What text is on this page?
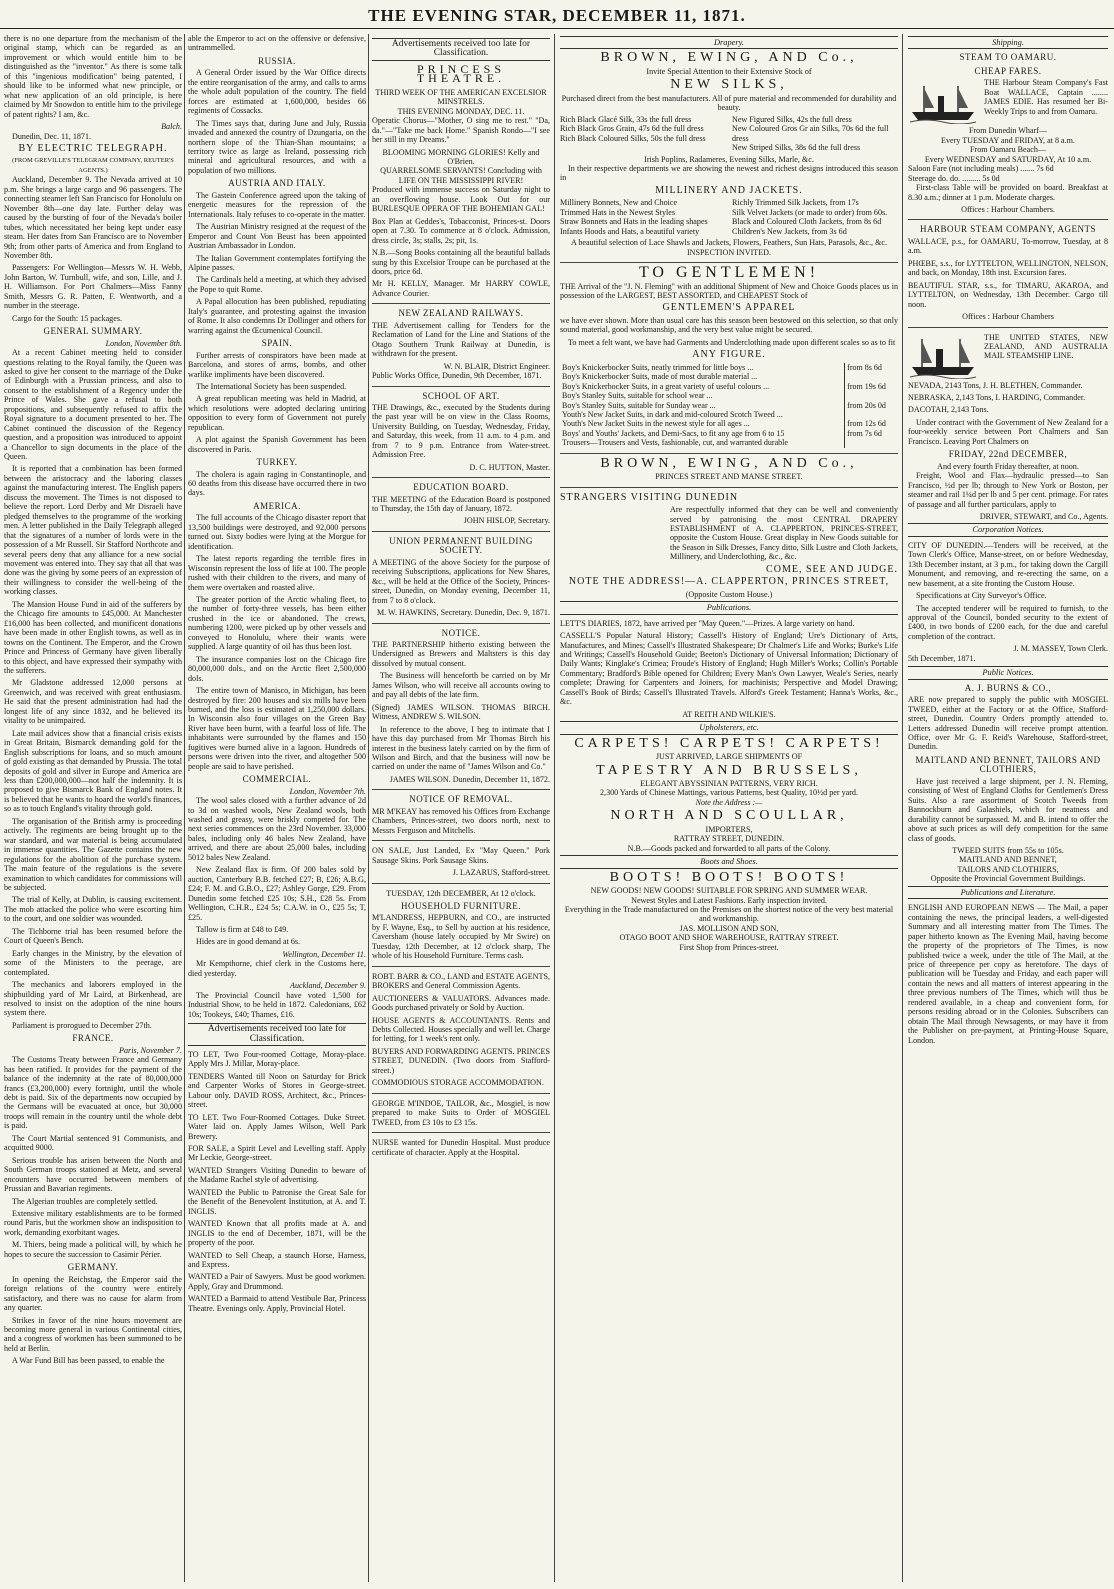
THE EVENING STAR, DECEMBER 11, 1871.

there is no one departure from the mechanism of the original stamp, which can be regarded as an improvement or which would entitle him to be distinguished as the "inventor." As there is some talk of this "ingenious modification" being patented, I should like to be informed what new principle, or what new application of an old principle, is here claimed by Mr Snowdon to entitle him to the privilege of patent rights? I am, &c.

Balch.

Dunedin, Dec. 11, 1871.

BY ELECTRIC TELEGRAPH.
(FROM GREVILLE'S TELEGRAM COMPANY, REUTER'S AGENTS.)

Auckland, December 9. The Nevada arrived at 10 p.m. She brings a large cargo and 96 passengers. The connecting steamer left San Francisco for Honolulu on November 8th—one day late. Further delay was caused by the bursting of four of the Nevada's boiler tubes, which necessitated her being kept under easy steam. Her dates from San Francisco are to November 9th; from other parts of America and from England to November 8th.

Passengers: For Wellington—Messrs W. H. Webb, John Barton, W. Turnbull, wife, and son, Lille, and J. H. Williamson. For Port Chalmers—Miss Fanny Smith, Messrs G. R. Patten, F. Wentworth, and a number in the steerage.

Cargo for the South: 15 packages.

GENERAL SUMMARY.
London, November 8th.

At a recent Cabinet meeting held to consider questions relating to the Royal family, the Queen was asked to give her consent to the marriage of the Duke of Edinburgh with a Prussian princess, and also to consent to the establishment of a Regency under the Prince of Wales. She gave a refusal to both propositions, and subsequently refused to affix the Royal signature to a document presented to her. The Cabinet continued the discussion of the Regency question, and a proposition was introduced to appoint a Chancellor to sign documents in the place of the Queen.

It is reported that a combination has been formed between the aristocracy and the laboring classes against the manufacturing interest. The English papers discuss the movement. The Times is not disposed to believe the report. Lord Derby and Mr Disraeli have pledged themselves to the programme of the working men. A letter published in the Daily Telegraph alleged that the signatures of a number of lords were in the possession of a Mr Russell. Sir Stafford Northcote and several peers deny that any alliance for a new social movement was entered into. They say that all that was done was the giving by some peers of an expression of their willingness to consider the well-being of the working classes.

The Mansion House Fund in aid of the sufferers by the Chicago fire amounts to £45,000. At Manchester £16,000 has been collected, and munificent donations have been made in other English towns, as well as in towns on the Continent. The Emperor, and the Crown Prince and Princess of Germany have given liberally to this object, and have expressed their sympathy with the sufferers.

Mr Gladstone addressed 12,000 persons at Greenwich, and was received with great enthusiasm. He said that the present administration had had the longest life of any since 1832, and he believed its vitality to be unimpaired.

Late mail advices show that a financial crisis exists in Great Britain, Bismarck demanding gold for the English subscriptions for loans, and so much amount of gold existing as that demanded by Prussia. The total deposits of gold and silver in Europe and America are less than £200,000,000—not half the indemnity. It is proposed to give Bismarck Bank of England notes. It is believed that he wants to hoard the world's finances, so as to touch England's vitality through gold.

The organisation of the British army is proceeding actively. The regiments are being brought up to the war standard, and war material is being accumulated in immense quantities. The Gazette contains the new regulations for the abolition of the purchase system. The main feature of the regulations is the severe examination to which candidates for commissions will be subjected.

The trial of Kelly, at Dublin, is causing excitement. The mob attacked the police who were escorting him to the court, and one soldier was wounded.

The Tichborne trial has been resumed before the Court of Queen's Bench.

Early changes in the Ministry, by the elevation of some of the Ministers to the peerage, are contemplated.

The mechanics and laborers employed in the shipbuilding yard of Mr Laird, at Birkenhead, are resolved to insist on the adoption of the nine hours system there.

Parliament is prorogued to December 27th.

FRANCE.
Paris, November 7.

The Customs Treaty between France and Germany has been ratified. It provides for the payment of the balance of the indemnity at the rate of 80,000,000 francs (£3,200,000) every fortnight, until the whole debt is paid. Six of the departments now occupied by the Germans will be evacuated at once, but 30,000 troops will remain in the country until the whole debt is paid.

The Court Martial sentenced 91 Communists, and acquitted 9000.

Serious trouble has arisen between the North and South German troops stationed at Metz, and several encounters have occurred between members of Prussian and Bavarian regiments.

The Algerian troubles are completely settled.

Extensive military establishments are to be formed round Paris, but the workmen show an indisposition to work, demanding exorbitant wages.

M. Thiers, being made a political will, by which he hopes to secure the succession to Casimir Périer.

GERMANY.

In opening the Reichstag, the Emperor said the foreign relations of the country were entirely satisfactory, and there was no cause for alarm from any quarter.

Strikes in favor of the nine hours movement are becoming more general in various Continental cities, and a congress of workmen has been summoned to be held at Berlin.

A War Fund Bill has been passed, to enable the

able the Emperor to act on the offensive or defensive, untrammelled.

RUSSIA.

A General Order issued by the War Office directs the entire reorganisation of the army, and calls to arms the whole adult population of the country. The field forces are estimated at 1,600,000, besides 66 regiments of Cossacks.

The Times says that, during June and July, Russia invaded and annexed the country of Dzungaria, on the northern slope of the Thian-Shan mountains; a territory twice as large as Ireland, possessing rich mineral and agricultural resources, and with a population of two millions.

AUSTRIA AND ITALY.

The Gastein Conference agreed upon the taking of energetic measures for the repression of the Internationals. Italy refuses to co-operate in the matter.

The Austrian Ministry resigned at the request of the Emperor and Count Von Beust has been appointed Austrian Ambassador in London.

The Italian Government contemplates fortifying the Alpine passes.

The Cardinals held a meeting, at which they advised the Pope to quit Rome.

A Papal allocution has been published, repudiating Italy's guarantee, and protesting against the invasion of Rome. It also condemns Dr Dollinger and others for warring against the Œcumenical Council.

SPAIN.

Further arrests of conspirators have been made at Barcelona, and stores of arms, bombs, and other warlike impliments have been discovered.

The International Society has been suspended.

A great republican meeting was held in Madrid, at which resolutions were adopted declaring untiring opposition to every form of Government not purely republican.

A plot against the Spanish Government has been discovered in Paris.

TURKEY.

The cholera is again raging in Constantinople, and 60 deaths from this disease have occurred there in two days.

AMERICA.

The full accounts of the Chicago disaster report that 13,500 buildings were destroyed, and 92,000 persons turned out. Sixty bodies were lying at the Morgue for identification.

The latest reports regarding the terrible fires in Wisconsin represent the loss of life at 100. The people rushed with their children to the rivers, and many of them were overtaken and roasted alive.

The greater portion of the Arctic whaling fleet, to the number of forty-three vessels, has been either crushed in the ice or abandoned. The crews, numbering 1200, were picked up by other vessels and conveyed to Honolulu, where their wants were supplied. A large quantity of oil has thus been lost.

The insurance companies lost on the Chicago fire 80,000,000 dols., and on the Arctic fleet 2,500,000 dols.

The entire town of Manisco, in Michigan, has been destroyed by fire: 200 houses and six mills have been burned, and the loss is estimated at 1,250,000 dollars. In Wisconsin also four villages on the Green Bay River have been burnt, with a fearful loss of life. The inhabitants were surrounded by the flames and 150 fugitives were burned alive in a lagoon. Hundreds of persons were driven into the river, and altogether 500 people are said to have perished.

COMMERCIAL.
London, November 7th.

The wool sales closed with a further advance of 2d to 3d on washed wools, New Zealand wools, both washed and greasy, were briskly competed for. The next series commences on the 23rd November. 33,000 bales, including only 46 bales New Zealand, have arrived, and there are about 25,000 bales, including 5012 bales New Zealand.

New Zealand flax is firm. Of 200 bales sold by auction, Canterbury B.B. fetched £27; B, £26; A.B.G, £24; F. M. and G.B.O., £27; Ashley Gorge, £29. From Dunedin some fetched £25 10s; S.H., £28 5s. From Wellington, C.H.R., £24 5s; C.A.W. in O., £25 5s; T, £25.

Tallow is firm at £48 to £49.

Hides are in good demand at 6s.

Wellington, December 11.

Mr Kempthorne, chief clerk in the Customs here, died yesterday.

Auckland, December 9.

The Provincial Council have voted 1,500 for Industrial Show, to be held in 1872. Caledonians, £62 10s; Tookeys, £40; Thames, £16.

Advertisements received too late for Classification.

TO LET, Two Four-roomed Cottage, Moray-place. Apply Mrs J. Millar, Moray-place.

TENDERS Wanted till Noon on Saturday for Brick and Carpenter Works of Stores in George-street. Labour only. DAVID ROSS, Architect, &c., Princes-street.

TO LET. Two Four-Roomed Cottages. Duke Street. Water laid on. Apply James Wilson, Well Park Brewery.

FOR SALE, a Spirit Level and Levelling staff. Apply Mr Leckie, George-street.

WANTED Strangers Visiting Dunedin to beware of the Madame Rachel style of advertising.

WANTED the Public to Patronise the Great Sale for the Benefit of the Benevolent Institution, at A. and T. INGLIS.

WANTED Known that all profits made at A. and INGLIS to the end of December, 1871, will be the property of the poor.

WANTED to Sell Cheap, a staunch Horse, Harness, and Express.

WANTED a Pair of Sawyers. Must be good workmen. Apply, Gray and Drummond.

WANTED a Barmaid to attend Vestibule Bar, Princess Theatre. Evenings only. Apply, Provincial Hotel.

Advertisements received too late for Classification.
PRINCESS THEATRE.
THIRD WEEK OF THE AMERICAN EXCELSIOR MINSTRELS.
THIS EVENING MONDAY, DEC. 11.

Operatic Chorus—"Mother, O sing me to rest." "Da, da."—"Take me back Home." Spanish Rondo—"I see her still in my Dreams."

BLOOMING MORNING GLORIES! Kelly and O'Brien.
QUARRELSOME SERVANTS! Concluding with LIFE ON THE MISSISSIPPI RIVER!

Produced with immense success on Saturday night to an overflowing house. Look Out for our BURLESQUE OPERA OF THE BOHEMIAN GAL!

Box Plan at Geddes's, Tobacconist, Princes-st. Doors open at 7.30. To commence at 8 o'clock. Admission, dress circle, 3s; stalls, 2s; pit, 1s.

N.B.—Song Books containing all the beautiful ballads sung by this Excelsior Troupe can be purchased at the doors, price 6d.

Mr H. KELLY, Manager. Mr HARRY COWLE, Advance Courier.

NEW ZEALAND RAILWAYS.

THE Advertisement calling for Tenders for the Reclamation of Land for the Line and Stations of the Otago Southern Trunk Railway at Dunedin, is withdrawn for the present.

W. N. BLAIR, District Engineer.

Public Works Office, Dunedin, 9th December, 1871.

SCHOOL OF ART.

THE Drawings, &c., executed by the Students during the past year will be on view in the Class Rooms, University Building, on Tuesday, Wednesday, Friday, and Saturday, this week, from 11 a.m. to 4 p.m. and from 7 to 9 p.m. Entrance from Water-street. Admission Free.

D. C. HUTTON, Master.
EDUCATION BOARD.

THE MEETING of the Education Board is postponed to Thursday, the 15th day of January, 1872.

JOHN HISLOP, Secretary.
UNION PERMANENT BUILDING SOCIETY.

A MEETING of the above Society for the purpose of receiving Subscriptions, applications for New Shares, &c., will be held at the Office of the Society, Princes-street, Dunedin, on Monday evening, December 11, from 7 to 8 o'clock.

M. W. HAWKINS, Secretary. Dunedin, Dec. 9, 1871.
NOTICE.

THE PARTNERSHIP hitherto existing between the Undersigned as Brewers and Maltsters is this day dissolved by mutual consent.

The Business will henceforth be carried on by Mr James Wilson, who will receive all accounts owing to and pay all debts of the late firm.

(Signed) JAMES WILSON. THOMAS BIRCH. Witness, ANDREW S. WILSON.

In reference to the above, I beg to intimate that I have this day purchased from Mr Thomas Birch his interest in the business lately carried on by the firm of Wilson and Birch, and that the business will now be carried on under the name of "James Wilson and Co."

JAMES WILSON. Dunedin, December 11, 1872.
NOTICE OF REMOVAL.

MR M'KEAY has removed his Offices from Exchange Chambers, Princes-street, two doors north, next to Messrs Ferguson and Mitchells.

ON SALE, Just Landed, Ex "May Queen." Pork Sausage Skins. Pork Sausage Skins.

J. LAZARUS, Stafford-street.
TUESDAY, 12th DECEMBER, At 12 o'clock.
HOUSEHOLD FURNITURE.

M'LANDRESS, HEPBURN, and CO., are instructed by F. Wayne, Esq., to Sell by auction at his residence, Caversham (house lately occupied by Mr Swire) on Tuesday, 12th December, at 12 o'clock sharp, The whole of his Household Furniture. Terms cash.

ROBT. BARR & CO., LAND and ESTATE AGENTS, BROKERS and General Commission Agents.

AUCTIONEERS & VALUATORS. Advances made. Goods purchased privately or Sold by Auction.

HOUSE AGENTS & ACCOUNTANTS. Rents and Debts Collected. Houses specially and well let. Charge for letting, for 1 week's rent only.

BUYERS AND FORWARDING AGENTS. PRINCES STREET, DUNEDIN. (Two doors from Stafford-street.)

COMMODIOUS STORAGE ACCOMMODATION.

GEORGE M'INDOE, TAILOR, &c., Mosgiel, is now prepared to make Suits to Order of MOSGIEL TWEED, from £3 10s to £3 15s.

NURSE wanted for Dunedin Hospital. Must produce certificate of character. Apply at the Hospital.

Drapery.
BROWN, EWING, AND Co.,
Invite Special Attention to their Extensive Stock of
NEW SILKS,
Purchased direct from the best manufacturers. All of pure material and recommended for durability and beauty.
Rich Black Glacé Silk, 33s the full dress
Rich Black Gros Grain, 47s 6d the full dress
Rich Black Coloured Silks, 50s the full dress
New Figured Silks, 42s the full dress
New Coloured Gros Gr ain Silks, 70s 6d the full dress
New Striped Silks, 38s 6d the full dress
Irish Poplins, Radameres, Evening Silks, Marle, &c.

In their respective departments we are showing the newest and richest designs introduced this season in

MILLINERY AND JACKETS.
Millinery Bonnets, New and Choice
Trimmed Hats in the Newest Styles
Straw Bonnets and Hats in the leading shapes
Infants Hoods and Hats, a beautiful variety
Richly Trimmed Silk Jackets, from 17s
Silk Velvet Jackets (or made to order) from 60s.
Black and Coloured Cloth Jackets, from 8s 6d
Children's New Jackets, from 3s 6d
A beautiful selection of Lace Shawls and Jackets, Flowers, Feathers, Sun Hats, Parasols, &c., &c.
INSPECTION INVITED.
TO GENTLEMEN!

THE Arrival of the "J. N. Fleming" with an additional Shipment of New and Choice Goods places us in possession of the LARGEST, BEST ASSORTED, and CHEAPEST Stock of

GENTLEMEN'S APPAREL

we have ever shown. More than usual care has this season been bestowed on this selection, so that only sound material, good workmanship, and the very best value might be secured.

To meet a felt want, we have had Garments and Underclothing made upon different scales so as to fit

ANY FIGURE.
Boy's Knickerbocker Suits, neatly trimmed for little boys ...	from 8s 6d
Boy's Knickerbocker Suits, made of most durable material ...	
Boy's Knickerbocker Suits, in a great variety of useful colours ...	from 19s 6d
Boy's Stanley Suits, suitable for school wear ...	
Boy's Stanley Suits, suitable for Sunday wear ...	from 20s 0d
Youth's New Jacket Suits, in dark and mid-coloured Scotch Tweed ...	
Youth's New Jacket Suits in the newest style for all ages ...	from 12s 6d
Boys' and Youths' Jackets, and Demi-Sacs, to fit any age from 6 to 15	from 7s 6d
Trousers—Trousers and Vests, fashionable, cut, and warranted durable	
BROWN, EWING, AND Co.,
PRINCES STREET AND MANSE STREET.
STRANGERS VISITING DUNEDIN

Are respectfully informed that they can be well and conveniently served by patronising the most CENTRAL DRAPERY ESTABLISHMENT of A. CLAPPERTON, PRINCES-STREET, opposite the Custom House. Great display in New Goods suitable for the Season in Silk Dresses, Fancy ditto, Silk Lustre and Cloth Jackets, Millinery, and Underclothing, &c., &c.

COME, SEE AND JUDGE.
NOTE THE ADDRESS!—A. CLAPPERTON, PRINCES STREET,
(Opposite Custom House.)
Publications.

LETT'S DIARIES, 1872, have arrived per "May Queen."—Prizes. A large variety on hand.

CASSELL'S Popular Natural History; Cassell's History of England; Ure's Dictionary of Arts, Manufactures, and Mines; Cassell's Illustrated Shakespeare; Dr Chalmer's Life and Works; Burke's Life and Writings; Cassell's Household Guide; Beeton's Dictionary of Universal Information; Dictionary of Daily Wants; Kinglake's Crimea; Froude's History of England; Hugh Miller's Works; Collin's Portable Commentary; Bradford's Bible opened for Children; Every Man's Own Lawyer, Weale's Series, nearly complete; Drawing for Carpenters and Joiners, for machinists; Perspective and Model Drawing; Cassell's Book of Birds; Cassell's Illustrated Travels. Alford's Greek Testament; Hanna's Works, &c., &c.

AT REITH AND WILKIE'S.
Upholsterers, etc.
CARPETS! CARPETS! CARPETS!
JUST ARRIVED, LARGE SHIPMENTS OF
TAPESTRY AND BRUSSELS,
ELEGANT ABYSSINIAN PATTERNS, VERY RICH.
2,300 Yards of Chinese Mattings, various Patterns, best Quality, 10½d per yard.
Note the Address :—
NORTH AND SCOULLAR,
IMPORTERS,
RATTRAY STREET, DUNEDIN.
N.B.—Goods packed and forwarded to all parts of the Colony.
Boots and Shoes.
BOOTS! BOOTS! BOOTS!
NEW GOODS! NEW GOODS! SUITABLE FOR SPRING AND SUMMER WEAR.
Newest Styles and Latest Fashions. Early inspection invited.
Everything in the Trade manufactured on the Premises on the shortest notice of the very best material and workmanship.
JAS. MOLLISON AND SON,
OTAGO BOOT AND SHOE WAREHOUSE, RATTRAY STREET.
First Shop from Princes-street.
Shipping.
STEAM TO OAMARU.
CHEAP FARES.

THE Harbour Steam Company's Fast Boat WALLACE, Captain ........ JAMES EDIE. Has resumed her Bi-Weekly Trips to and from Oamaru.

From Dunedin Wharf—
Every TUESDAY and FRIDAY, at 8 a.m.
From Oamaru Beach—
Every WEDNESDAY and SATURDAY, At 10 a.m.
Saloon Fare (not including meals) ....... 7s 6d
Steerage do. do. ......... 5s 0d

First-class Table will be provided on board. Breakfast at 8.30 a.m.; dinner at 1 p.m. Moderate charges.

Offices : Harbour Chambers.
HARBOUR STEAM COMPANY, AGENTS

WALLACE, p.s., for OAMARU, To-morrow, Tuesday, at 8 a.m.

PHŒBE, s.s., for LYTTELTON, WELLINGTON, NELSON, and back, on Monday, 18th inst. Excursion fares.

BEAUTIFUL STAR, s.s., for TIMARU, AKAROA, and LYTTELTON, on Wednesday, 13th December. Cargo till noon.

Offices : Harbour Chambers

THE UNITED STATES, NEW ZEALAND, AND AUSTRALIA MAIL STEAMSHIP LINE.

NEVADA, 2143 Tons, J. H. BLETHEN, Commander.

NEBRASKA, 2,143 Tons, I. HARDING, Commander.

DACOTAH, 2,143 Tons.

Under contract with the Government of New Zealand for a four-weekly service between Port Chalmers and San Francisco. Leaving Port Chalmers on

FRIDAY, 22nd DECEMBER,
And every fourth Friday thereafter, at noon.

Freight, Wool and Flax—hydraulic pressed—to San Francisco, ½d per lb; through to New York or Boston, per steamer and rail 1¼d per lb and 5 per cent. primage. For rates of passage and all further particulars, apply to

DRIVER, STEWART, and Co., Agents.
Corporation Notices.

CITY OF DUNEDIN.—Tenders will be received, at the Town Clerk's Office, Manse-street, on or before Wednesday, 13th December instant, at 3 p.m., for taking down the Cargill Monument, and removing, and re-erecting the same, on a new basement, at a site fronting the Custom House.

Specifications at City Surveyor's Office.

The accepted tenderer will be required to furnish, to the approval of the Council, bonded security to the extent of £400, in two bonds of £200 each, for the due and careful completion of the contract.

J. M. MASSEY, Town Clerk.

5th December, 1871.

Public Notices.
A. J. BURNS & CO.,

ARE now prepared to supply the public with MOSGIEL TWEED, either at the Factory or at the Office, Stafford-street, Dunedin. Country Orders promptly attended to. Letters addressed Dunedin will receive prompt attention. Office, over Mr G. F. Reid's Warehouse, Stafford-street, Dunedin.

MAITLAND AND BENNET, TAILORS AND CLOTHIERS,

Have just received a large shipment, per J. N. Fleming, consisting of West of England Cloths for Gentlemen's Dress Suits. Also a rare assortment of Scotch Tweeds from Bannockburn and Galashiels, which for neatness and durability cannot be surpassed. M. and B. intend to offer the above at such prices as will defy competition for the same class of goods.

TWEED SUITS from 55s to 105s.
MAITLAND AND BENNET,
TAILORS AND CLOTHIERS,
Opposite the Provincial Government Buildings.
Publications and Literature.

ENGLISH AND EUROPEAN NEWS — The Mail, a paper containing the news, the principal leaders, a well-digested Summary and all interesting matter from The Times. The paper hitherto known as The Evening Mail, having become the property of the proprietors of The Times, is now published twice a week, under the title of The Mail, at the price of threepence per copy as heretofore. The days of publication will be Tuesday and Friday, and each paper will contain the news and all matters of interest appearing in the three previous numbers of The Times, which will thus be rendered available, in a cheap and convenient form, for persons residing abroad or in the Colonies. Subscribers can obtain The Mail through Newsagents, or may have it from the Publisher on pre-payment, at Printing-House Square, London.
